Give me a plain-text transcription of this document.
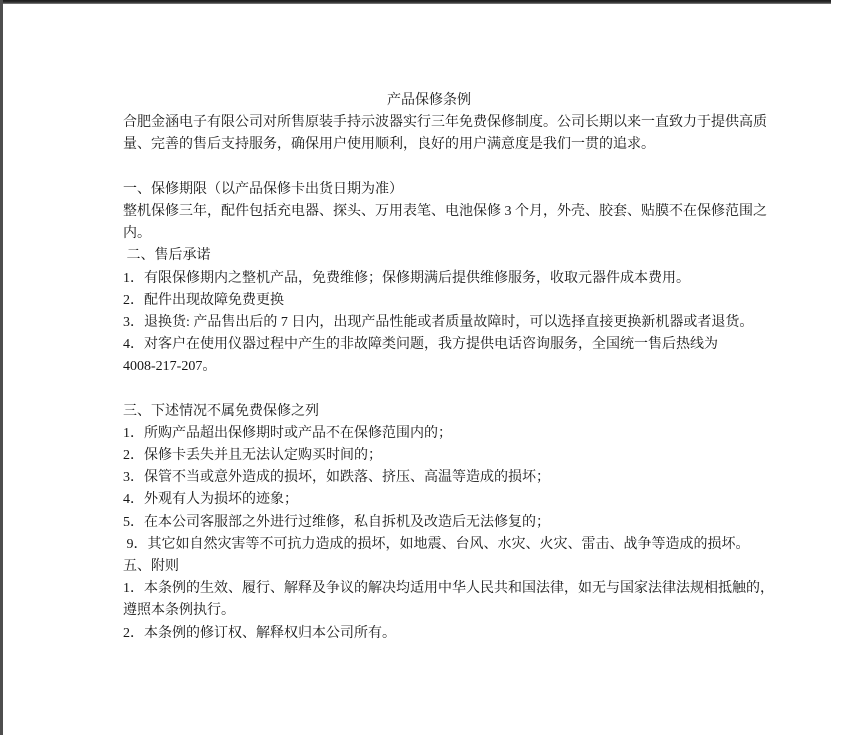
产品保修条例
合肥金涵电子有限公司对所售原装手持示波器实行三年免费保修制度。公司长期以来一直致力于提供高质
量、完善的售后支持服务，确保用户使用顺利，良好的用户满意度是我们一贯的追求。

一、保修期限（以产品保修卡出货日期为准）
整机保修三年，配件包括充电器、探头、万用表笔、电池保修 3 个月，外壳、胶套、贴膜不在保修范围之
内。
二、售后承诺
1．有限保修期内之整机产品，免费维修；保修期满后提供维修服务，收取元器件成本费用。
2．配件出现故障免费更换
3．退换货: 产品售出后的 7 日内，出现产品性能或者质量故障时，可以选择直接更换新机器或者退货。
4．对客户在使用仪器过程中产生的非故障类问题，我方提供电话咨询服务，全国统一售后热线为
4008-217-207。

三、下述情况不属免费保修之列
1．所购产品超出保修期时或产品不在保修范围内的；
2．保修卡丢失并且无法认定购买时间的；
3．保管不当或意外造成的损坏，如跌落、挤压、高温等造成的损坏；
4．外观有人为损坏的迹象；
5．在本公司客服部之外进行过维修，私自拆机及改造后无法修复的；
9．其它如自然灾害等不可抗力造成的损坏，如地震、台风、水灾、火灾、雷击、战争等造成的损坏。
五、附则
1．本条例的生效、履行、解释及争议的解决均适用中华人民共和国法律，如无与国家法律法规相抵触的，
遵照本条例执行。
2．本条例的修订权、解释权归本公司所有。
